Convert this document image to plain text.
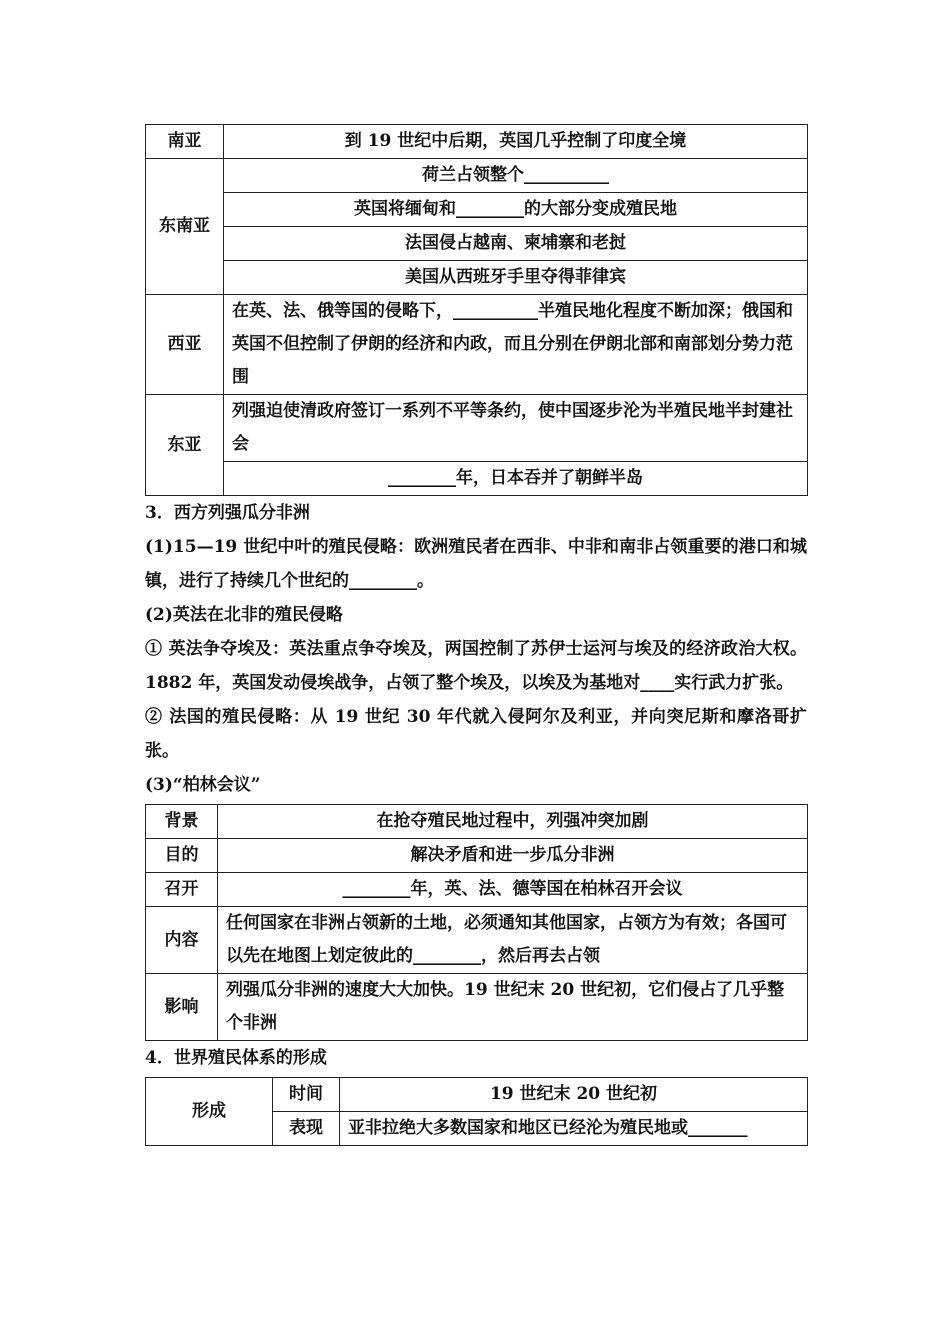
南亚	到 19 世纪中后期，英国几乎控制了印度全境
东南亚	荷兰占领整个__________
	英国将缅甸和________的大部分变成殖民地
	法国侵占越南、柬埔寨和老挝
	美国从西班牙手里夺得菲律宾
西亚	在英、法、俄等国的侵略下，__________半殖民地化程度不断加深；俄国和英国不但控制了伊朗的经济和内政，而且分别在伊朗北部和南部划分势力范围
东亚	列强迫使清政府签订一系列不平等条约，使中国逐步沦为半殖民地半封建社会
	________年，日本吞并了朝鲜半岛

3．西方列强瓜分非洲

(1)15—19 世纪中叶的殖民侵略：欧洲殖民者在西非、中非和南非占领重要的港口和城镇，进行了持续几个世纪的________。

(2)英法在北非的殖民侵略

① 英法争夺埃及：英法重点争夺埃及，两国控制了苏伊士运河与埃及的经济政治大权。1882 年，英国发动侵埃战争，占领了整个埃及，以埃及为基地对____实行武力扩张。

② 法国的殖民侵略：从 19 世纪 30 年代就入侵阿尔及利亚，并向突尼斯和摩洛哥扩张。

(3)“柏林会议”

背景	在抢夺殖民地过程中，列强冲突加剧
目的	解决矛盾和进一步瓜分非洲
召开	________年，英、法、德等国在柏林召开会议
内容	任何国家在非洲占领新的土地，必须通知其他国家，占领方为有效；各国可以先在地图上划定彼此的________，然后再去占领
影响	列强瓜分非洲的速度大大加快。19 世纪末 20 世纪初，它们侵占了几乎整个非洲

4．世界殖民体系的形成

形成	时间	19 世纪末 20 世纪初
	表现	亚非拉绝大多数国家和地区已经沦为殖民地或_______
